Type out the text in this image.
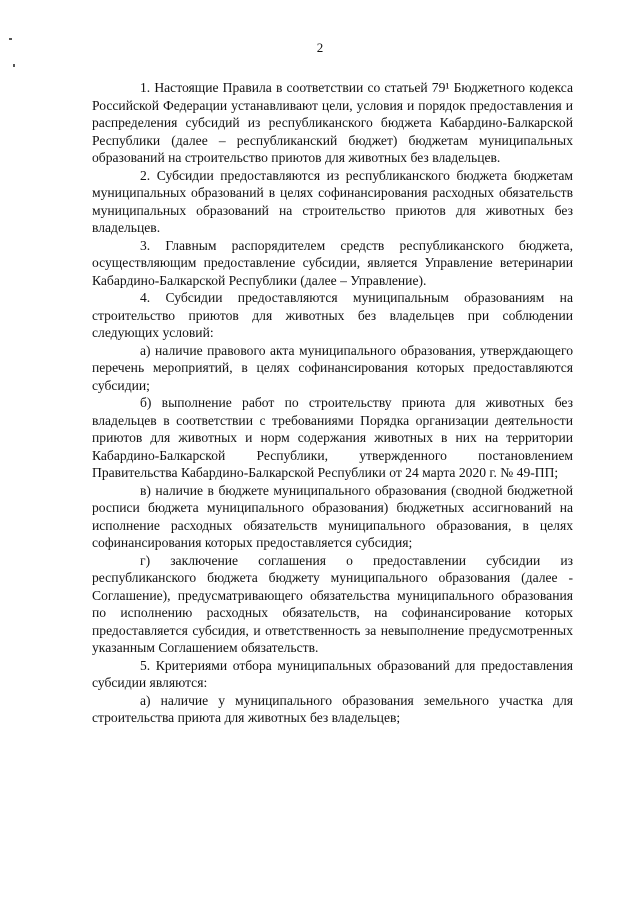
2

1. Настоящие Правила в соответствии со статьей 79¹ Бюджетного кодекса Российской Федерации устанавливают цели, условия и порядок предоставления и распределения субсидий из республиканского бюджета Кабардино-Балкарской Республики (далее – республиканский бюджет) бюджетам муниципальных образований на строительство приютов для животных без владельцев.

2. Субсидии предоставляются из республиканского бюджета бюджетам муниципальных образований в целях софинансирования расходных обязательств муниципальных образований на строительство приютов для животных без владельцев.

3. Главным распорядителем средств республиканского бюджета, осуществляющим предоставление субсидии, является Управление ветеринарии Кабардино-Балкарской Республики (далее – Управление).

4. Субсидии предоставляются муниципальным образованиям на строительство приютов для животных без владельцев при соблюдении следующих условий:

а) наличие правового акта муниципального образования, утверждающего перечень мероприятий, в целях софинансирования которых предоставляются субсидии;

б) выполнение работ по строительству приюта для животных без владельцев в соответствии с требованиями Порядка организации деятельности приютов для животных и норм содержания животных в них на территории Кабардино-Балкарской Республики, утвержденного постановлением Правительства Кабардино-Балкарской Республики от 24 марта 2020 г. № 49-ПП;

в) наличие в бюджете муниципального образования (сводной бюджетной росписи бюджета муниципального образования) бюджетных ассигнований на исполнение расходных обязательств муниципального образования, в целях софинансирования которых предоставляется субсидия;

г) заключение соглашения о предоставлении субсидии из республиканского бюджета бюджету муниципального образования (далее - Соглашение), предусматривающего обязательства муниципального образования по исполнению расходных обязательств, на софинансирование которых предоставляется субсидия, и ответственность за невыполнение предусмотренных указанным Соглашением обязательств.

5. Критериями отбора муниципальных образований для предоставления субсидии являются:

а) наличие у муниципального образования земельного участка для строительства приюта для животных без владельцев;
